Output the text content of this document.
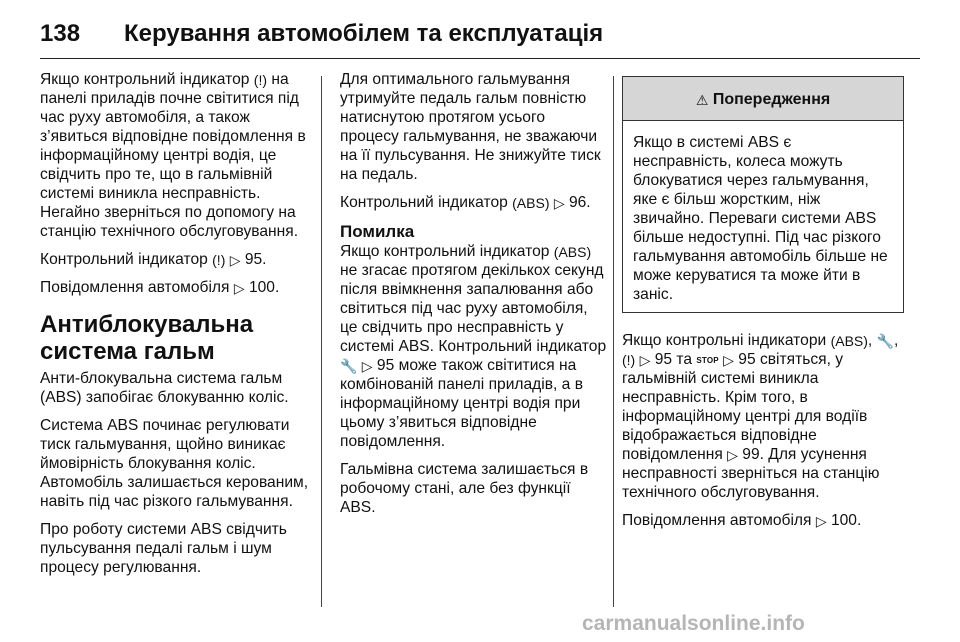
138 Керування автомобілем та експлуатація

Якщо контрольний індикатор (!) на панелі приладів почне світитися під час руху автомобіля, а також з’явиться відповідне повідомлення в інформаційному центрі водія, це свідчить про те, що в гальмівній системі виникла несправність. Негайно зверніться по допомогу на станцію технічного обслуговування.

Контрольний індикатор (!) ▷ 95.

Повідомлення автомобіля ▷ 100.

Антиблокувальна система гальм

Анти-блокувальна система гальм (ABS) запобігає блокуванню коліс.

Система ABS починає регулювати тиск гальмування, щойно виникає ймовірність блокування коліс. Автомобіль залишається керованим, навіть під час різкого гальмування.

Про роботу системи ABS свідчить пульсування педалі гальм і шум процесу регулювання.

Для оптимального гальмування утримуйте педаль гальм повністю натиснутою протягом усього процесу гальмування, не зважаючи на її пульсування. Не знижуйте тиск на педаль.

Контрольний індикатор (ABS) ▷ 96.

Помилка

Якщо контрольний індикатор (ABS) не згасає протягом декількох секунд після ввімкнення запалювання або світиться під час руху автомобіля, це свідчить про несправність у системі ABS. Контрольний індикатор 🔧 ▷ 95 може також світитися на комбінованій панелі приладів, а в інформаційному центрі водія при цьому з’явиться відповідне повідомлення.

Гальмівна система залишається в робочому стані, але без функції ABS.

⚠ Попередження
Якщо в системі ABS є несправність, колеса можуть блокуватися через гальмування, яке є більш жорстким, ніж звичайно. Переваги системи ABS більше недоступні. Під час різкого гальмування автомобіль більше не може керуватися та може йти в заніс.

Якщо контрольні індикатори (ABS), 🔧, (!) ▷ 95 та STOP ▷ 95 світяться, у гальмівній системі виникла несправність. Крім того, в інформаційному центрі для водіїв відображається відповідне повідомлення ▷ 99. Для усунення несправності зверніться на станцію технічного обслуговування.

Повідомлення автомобіля ▷ 100.

carmanualsonline.info
